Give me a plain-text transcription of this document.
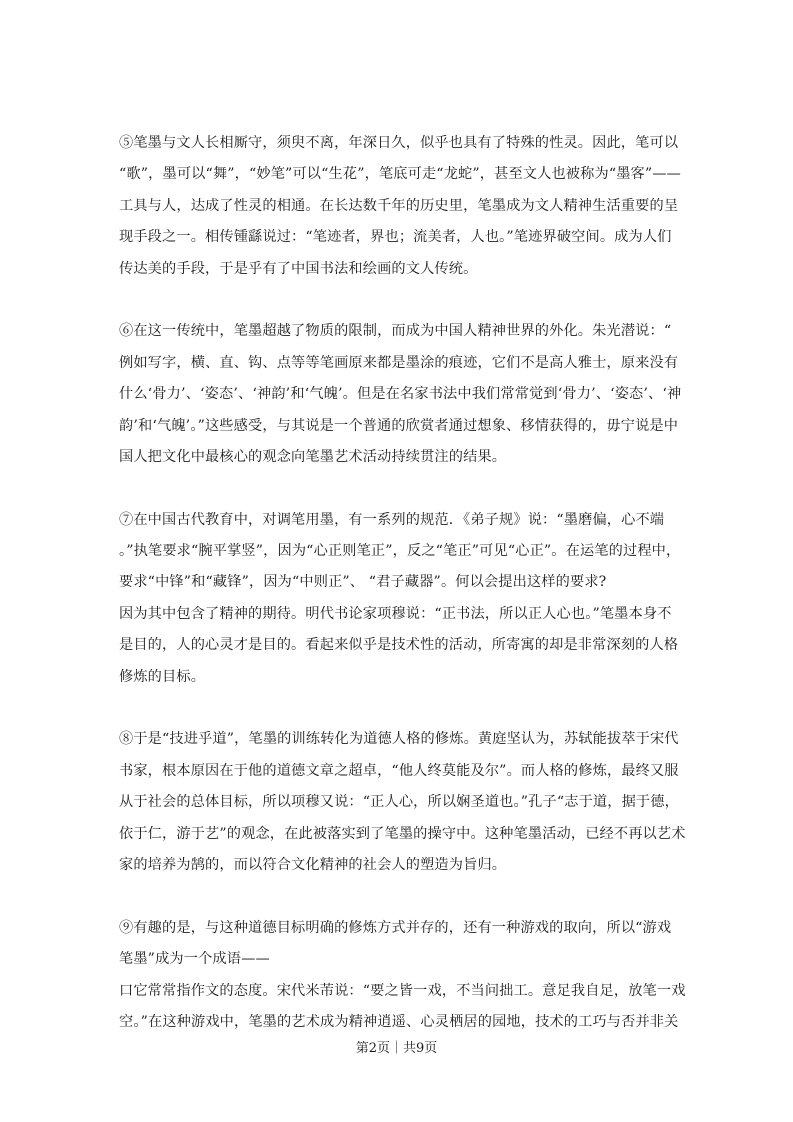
⑤笔墨与文人长相厮守，须臾不离，年深日久，似乎也具有了特殊的性灵。因此，笔可以
“歌”，墨可以“舞”，“妙笔”可以“生花”，笔底可走“龙蛇”，甚至文人也被称为“墨客”——
工具与人，达成了性灵的相通。在长达数千年的历史里，笔墨成为文人精神生活重要的呈
现手段之一。相传锺繇说过：“笔迹者，界也；流美者，人也。”笔迹界破空间。成为人们
传达美的手段，于是乎有了中国书法和绘画的文人传统。
⑥在这一传统中，笔墨超越了物质的限制，而成为中国人精神世界的外化。朱光潜说：“
例如写字，横、直、钩、点等等笔画原来都是墨涂的痕迹，它们不是高人雅士，原来没有
什么‘骨力’、‘姿态’、‘神韵’和‘气魄’。但是在名家书法中我们常常觉到‘骨力’、‘姿态’、‘神
韵’和‘气魄’。”这些感受，与其说是一个普通的欣赏者通过想象、移情获得的，毋宁说是中
国人把文化中最核心的观念向笔墨艺术活动持续贯注的结果。
⑦在中国古代教育中，对调笔用墨，有一系列的规范．《弟子规》说：“墨磨偏，心不端
。”执笔要求“腕平掌竖”，因为“心正则笔正”，反之“笔正”可见“心正”。在运笔的过程中，
要求“中锋”和“藏锋”，因为“中则正”、 “君子藏器”。何以会提出这样的要求?
因为其中包含了精神的期待。明代书论家项穆说：“正书法，所以正人心也。”笔墨本身不
是目的，人的心灵才是目的。看起来似乎是技术性的活动，所寄寓的却是非常深刻的人格
修炼的目标。
⑧于是“技进乎道”，笔墨的训练转化为道德人格的修炼。黄庭坚认为，苏轼能拔萃于宋代
书家，根本原因在于他的道德文章之超卓，“他人终莫能及尔”。而人格的修炼，最终又服
从于社会的总体目标，所以项穆又说：“正人心，所以娴圣道也。”孔子“志于道，据于德，
依于仁，游于艺”的观念，在此被落实到了笔墨的操守中。这种笔墨活动，已经不再以艺术
家的培养为鹄的，而以符合文化精神的社会人的塑造为旨归。
⑨有趣的是，与这种道德目标明确的修炼方式并存的，还有一种游戏的取向，所以“游戏
笔墨”成为一个成语——
口它常常指作文的态度。宋代米芾说：“要之皆一戏，不当问拙工。意足我自足，放笔一戏
空。”在这种游戏中，笔墨的艺术成为精神逍遥、心灵栖居的园地，技术的工巧与否并非关
第2页｜共9页
